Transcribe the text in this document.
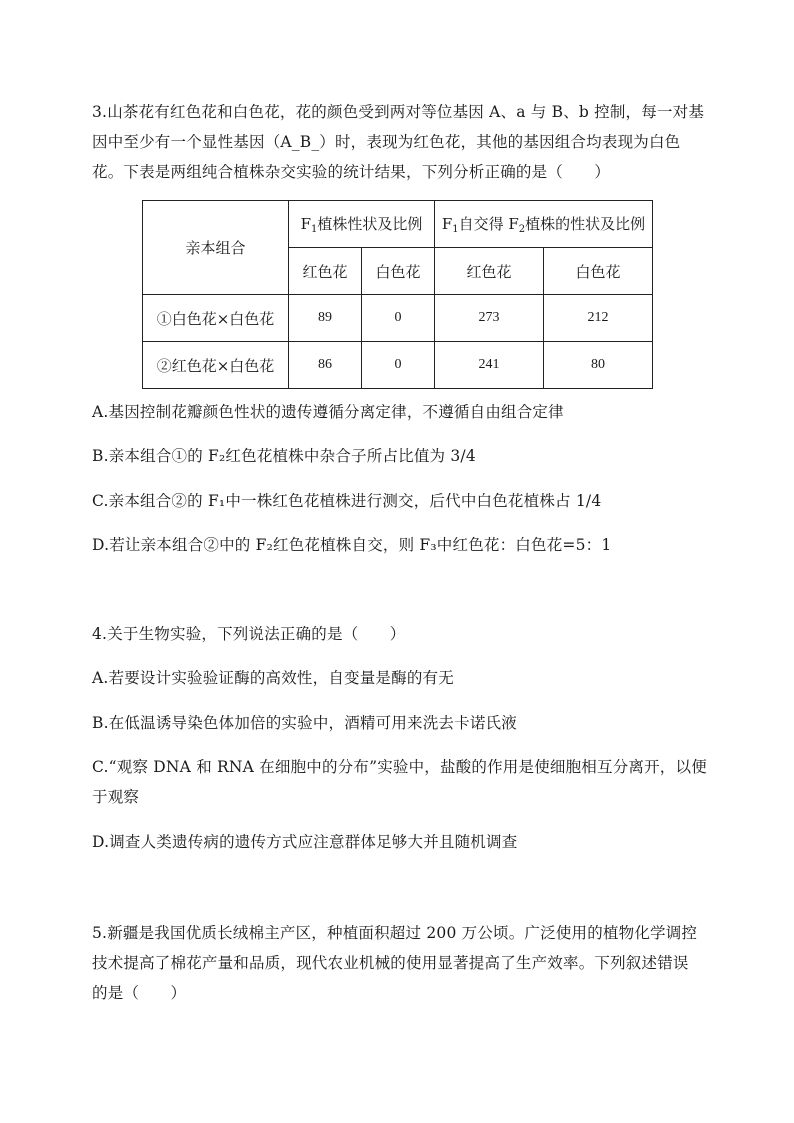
3.山茶花有红色花和白色花，花的颜色受到两对等位基因 A、a 与 B、b 控制，每一对基
因中至少有一个显性基因（A_B_）时，表现为红色花，其他的基因组合均表现为白色
花。下表是两组纯合植株杂交实验的统计结果，下列分析正确的是（　　）
亲本组合	$F_1$植株性状及比例		$F_1$自交得 $F_2$植株的性状及比例	
	红色花	白色花	红色花	白色花
①白色花×白色花	89	0	273	212
②红色花×白色花	86	0	241	80
A.基因控制花瓣颜色性状的遗传遵循分离定律，不遵循自由组合定律
B.亲本组合①的 F₂红色花植株中杂合子所占比值为 3/4
C.亲本组合②的 F₁中一株红色花植株进行测交，后代中白色花植株占 1/4
D.若让亲本组合②中的 F₂红色花植株自交，则 F₃中红色花：白色花=5：1
4.关于生物实验，下列说法正确的是（　　）
A.若要设计实验验证酶的高效性，自变量是酶的有无
B.在低温诱导染色体加倍的实验中，酒精可用来洗去卡诺氏液
C.“观察 DNA 和 RNA 在细胞中的分布”实验中，盐酸的作用是使细胞相互分离开，以便
于观察
D.调查人类遗传病的遗传方式应注意群体足够大并且随机调查
5.新疆是我国优质长绒棉主产区，种植面积超过 200 万公顷。广泛使用的植物化学调控
技术提高了棉花产量和品质，现代农业机械的使用显著提高了生产效率。下列叙述错误
的是（　　）
